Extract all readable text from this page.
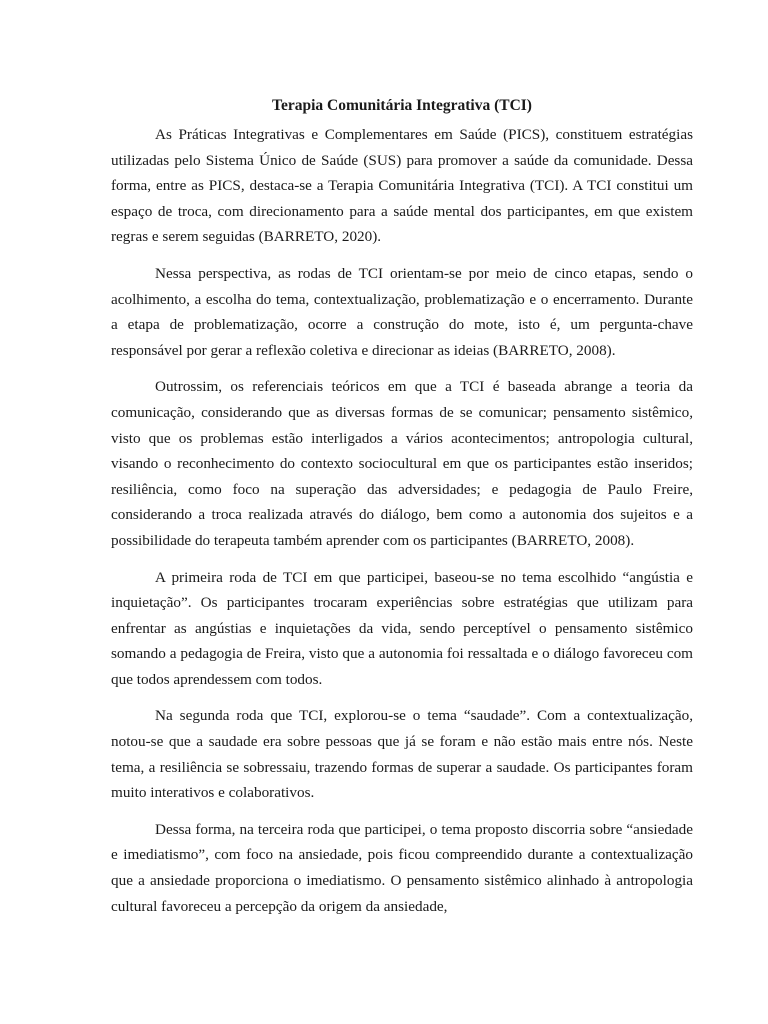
Terapia Comunitária Integrativa (TCI)

As Práticas Integrativas e Complementares em Saúde (PICS), constituem estratégias utilizadas pelo Sistema Único de Saúde (SUS) para promover a saúde da comunidade. Dessa forma, entre as PICS, destaca-se a Terapia Comunitária Integrativa (TCI). A TCI constitui um espaço de troca, com direcionamento para a saúde mental dos participantes, em que existem regras e serem seguidas (BARRETO, 2020).

Nessa perspectiva, as rodas de TCI orientam-se por meio de cinco etapas, sendo o acolhimento, a escolha do tema, contextualização, problematização e o encerramento. Durante a etapa de problematização, ocorre a construção do mote, isto é, um pergunta-chave responsável por gerar a reflexão coletiva e direcionar as ideias (BARRETO, 2008).

Outrossim, os referenciais teóricos em que a TCI é baseada abrange a teoria da comunicação, considerando que as diversas formas de se comunicar; pensamento sistêmico, visto que os problemas estão interligados a vários acontecimentos; antropologia cultural, visando o reconhecimento do contexto sociocultural em que os participantes estão inseridos; resiliência, como foco na superação das adversidades; e pedagogia de Paulo Freire, considerando a troca realizada através do diálogo, bem como a autonomia dos sujeitos e a possibilidade do terapeuta também aprender com os participantes (BARRETO, 2008).

A primeira roda de TCI em que participei, baseou-se no tema escolhido “angústia e inquietação”. Os participantes trocaram experiências sobre estratégias que utilizam para enfrentar as angústias e inquietações da vida, sendo perceptível o pensamento sistêmico somando a pedagogia de Freira, visto que a autonomia foi ressaltada e o diálogo favoreceu com que todos aprendessem com todos.

Na segunda roda que TCI, explorou-se o tema “saudade”. Com a contextualização, notou-se que a saudade era sobre pessoas que já se foram e não estão mais entre nós. Neste tema, a resiliência se sobressaiu, trazendo formas de superar a saudade. Os participantes foram muito interativos e colaborativos.

Dessa forma, na terceira roda que participei, o tema proposto discorria sobre “ansiedade e imediatismo”, com foco na ansiedade, pois ficou compreendido durante a contextualização que a ansiedade proporciona o imediatismo. O pensamento sistêmico alinhado à antropologia cultural favoreceu a percepção da origem da ansiedade,
